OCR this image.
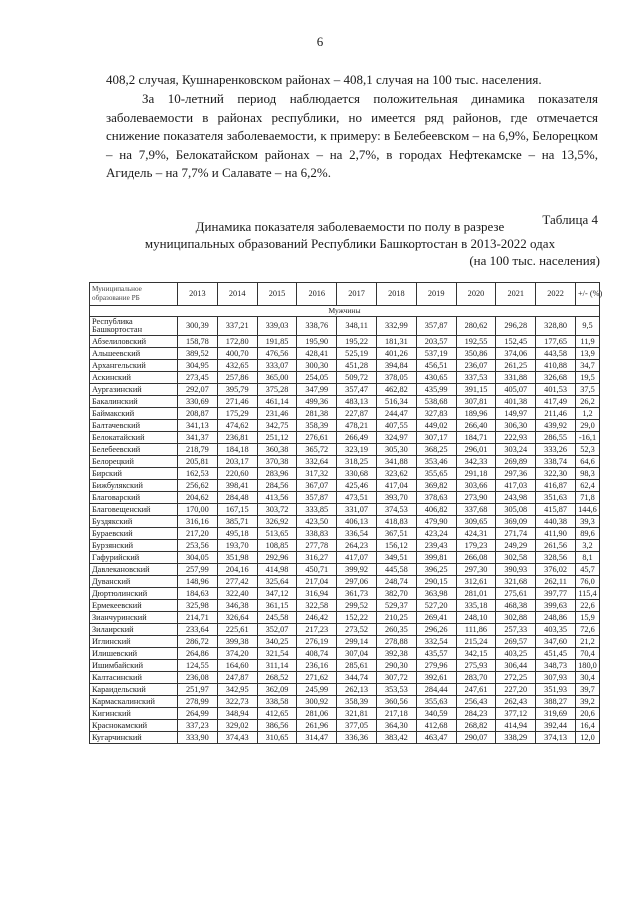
6
408,2 случая, Кушнаренковском районах – 408,1 случая на 100 тыс. населения.
За 10-летний период наблюдается положительная динамика показателя заболеваемости в районах республики, но имеется ряд районов, где отмечается снижение показателя заболеваемости, к примеру: в Белебеевском – на 6,9%, Белорецком – на 7,9%, Белокатайском районах – на 2,7%, в городах Нефтекамске – на 13,5%, Агидель – на 7,7% и Салавате – на 6,2%.
Таблица 4
Динамика показателя заболеваемости по полу в разрезе
муниципальных образований Республики Башкортостан в 2013-2022 одах
(на 100 тыс. населения)
Муниципальное образование РБ	2013	2014	2015	2016	2017	2018	2019	2020	2021	2022	+/- (%)
Мужчины											
Республика Башкортостан	300,39	337,21	339,03	338,76	348,11	332,99	357,87	280,62	296,28	328,80	9,5
Абзелиловский	158,78	172,80	191,85	195,90	195,22	181,31	203,57	192,55	152,45	177,65	11,9
Альшеевский	389,52	400,70	476,56	428,41	525,19	401,26	537,19	350,86	374,06	443,58	13,9
Архангельский	304,95	432,65	333,07	300,30	451,28	394,84	456,51	236,07	261,25	410,88	34,7
Аскинский	273,45	257,86	365,00	254,05	509,72	378,05	430,65	337,53	331,88	326,68	19,5
Аургазинский	292,07	395,79	375,28	347,99	357,47	462,82	435,99	391,15	405,07	401,53	37,5
Бакалинский	330,69	271,46	461,14	499,36	483,13	516,34	538,68	307,81	401,38	417,49	26,2
Баймакский	208,87	175,29	231,46	281,38	227,87	244,47	327,83	189,96	149,97	211,46	1,2
Балтачевский	341,13	474,62	342,75	358,39	478,21	407,55	449,02	266,40	306,30	439,92	29,0
Белокатайский	341,37	236,81	251,12	276,61	266,49	324,97	307,17	184,71	222,93	286,55	-16,1
Белебеевский	218,79	184,18	360,38	365,72	323,19	305,30	368,25	296,01	303,24	333,26	52,3
Белорецкий	205,81	203,17	370,38	332,64	318,25	341,88	353,46	342,33	269,89	338,74	64,6
Бирский	162,53	220,60	283,96	317,32	330,68	323,62	355,65	291,18	297,36	322,30	98,3
Бижбулякский	256,62	398,41	284,56	367,07	425,46	417,04	369,82	303,66	417,03	416,87	62,4
Благоварский	204,62	284,48	413,56	357,87	473,51	393,70	378,63	273,90	243,98	351,63	71,8
Благовещенский	170,00	167,15	303,72	333,85	331,07	374,53	406,82	337,68	305,08	415,87	144,6
Буздякский	316,16	385,71	326,92	423,50	406,13	418,83	479,90	309,65	369,09	440,38	39,3
Бураевский	217,20	495,18	513,65	338,83	336,54	367,51	423,24	424,31	271,74	411,90	89,6
Бурзянский	253,56	193,70	108,85	277,78	264,23	156,12	239,43	179,23	249,29	261,56	3,2
Гафурийский	304,05	351,98	292,96	316,27	417,07	349,51	399,81	266,08	302,58	328,56	8,1
Давлекановский	257,99	204,16	414,98	450,71	399,92	445,58	396,25	297,30	390,93	376,02	45,7
Дуванский	148,96	277,42	325,64	217,04	297,06	248,74	290,15	312,61	321,68	262,11	76,0
Дюртюлинский	184,63	322,40	347,12	316,94	361,73	382,70	363,98	281,01	275,61	397,77	115,4
Ермекеевский	325,98	346,38	361,15	322,58	299,52	529,37	527,20	335,18	468,38	399,63	22,6
Зианчуринский	214,71	326,64	245,58	246,42	152,22	210,25	269,41	248,10	302,88	248,86	15,9
Зилаирский	233,64	225,61	352,07	217,23	273,52	260,35	296,26	111,86	257,33	403,35	72,6
Иглинский	286,72	399,38	340,25	276,19	299,14	278,88	332,54	215,24	269,57	347,60	21,2
Илишевский	264,86	374,20	321,54	408,74	307,04	392,38	435,57	342,15	403,25	451,45	70,4
Ишимбайский	124,55	164,60	311,14	236,16	285,61	290,30	279,96	275,93	306,44	348,73	180,0
Калтасинский	236,08	247,87	268,52	271,62	344,74	307,72	392,61	283,70	272,25	307,93	30,4
Караидельский	251,97	342,95	362,09	245,99	262,13	353,53	284,44	247,61	227,20	351,93	39,7
Кармаскалинский	278,99	322,73	338,58	300,92	358,39	360,56	355,63	256,43	262,43	388,27	39,2
Кигинский	264,99	348,94	412,65	281,06	321,81	217,18	340,59	284,23	377,12	319,69	20,6
Краснокамский	337,23	329,02	386,56	261,96	377,05	364,30	412,68	268,82	414,94	392,44	16,4
Кугарчинский	333,90	374,43	310,65	314,47	336,36	383,42	463,47	290,07	338,29	374,13	12,0
